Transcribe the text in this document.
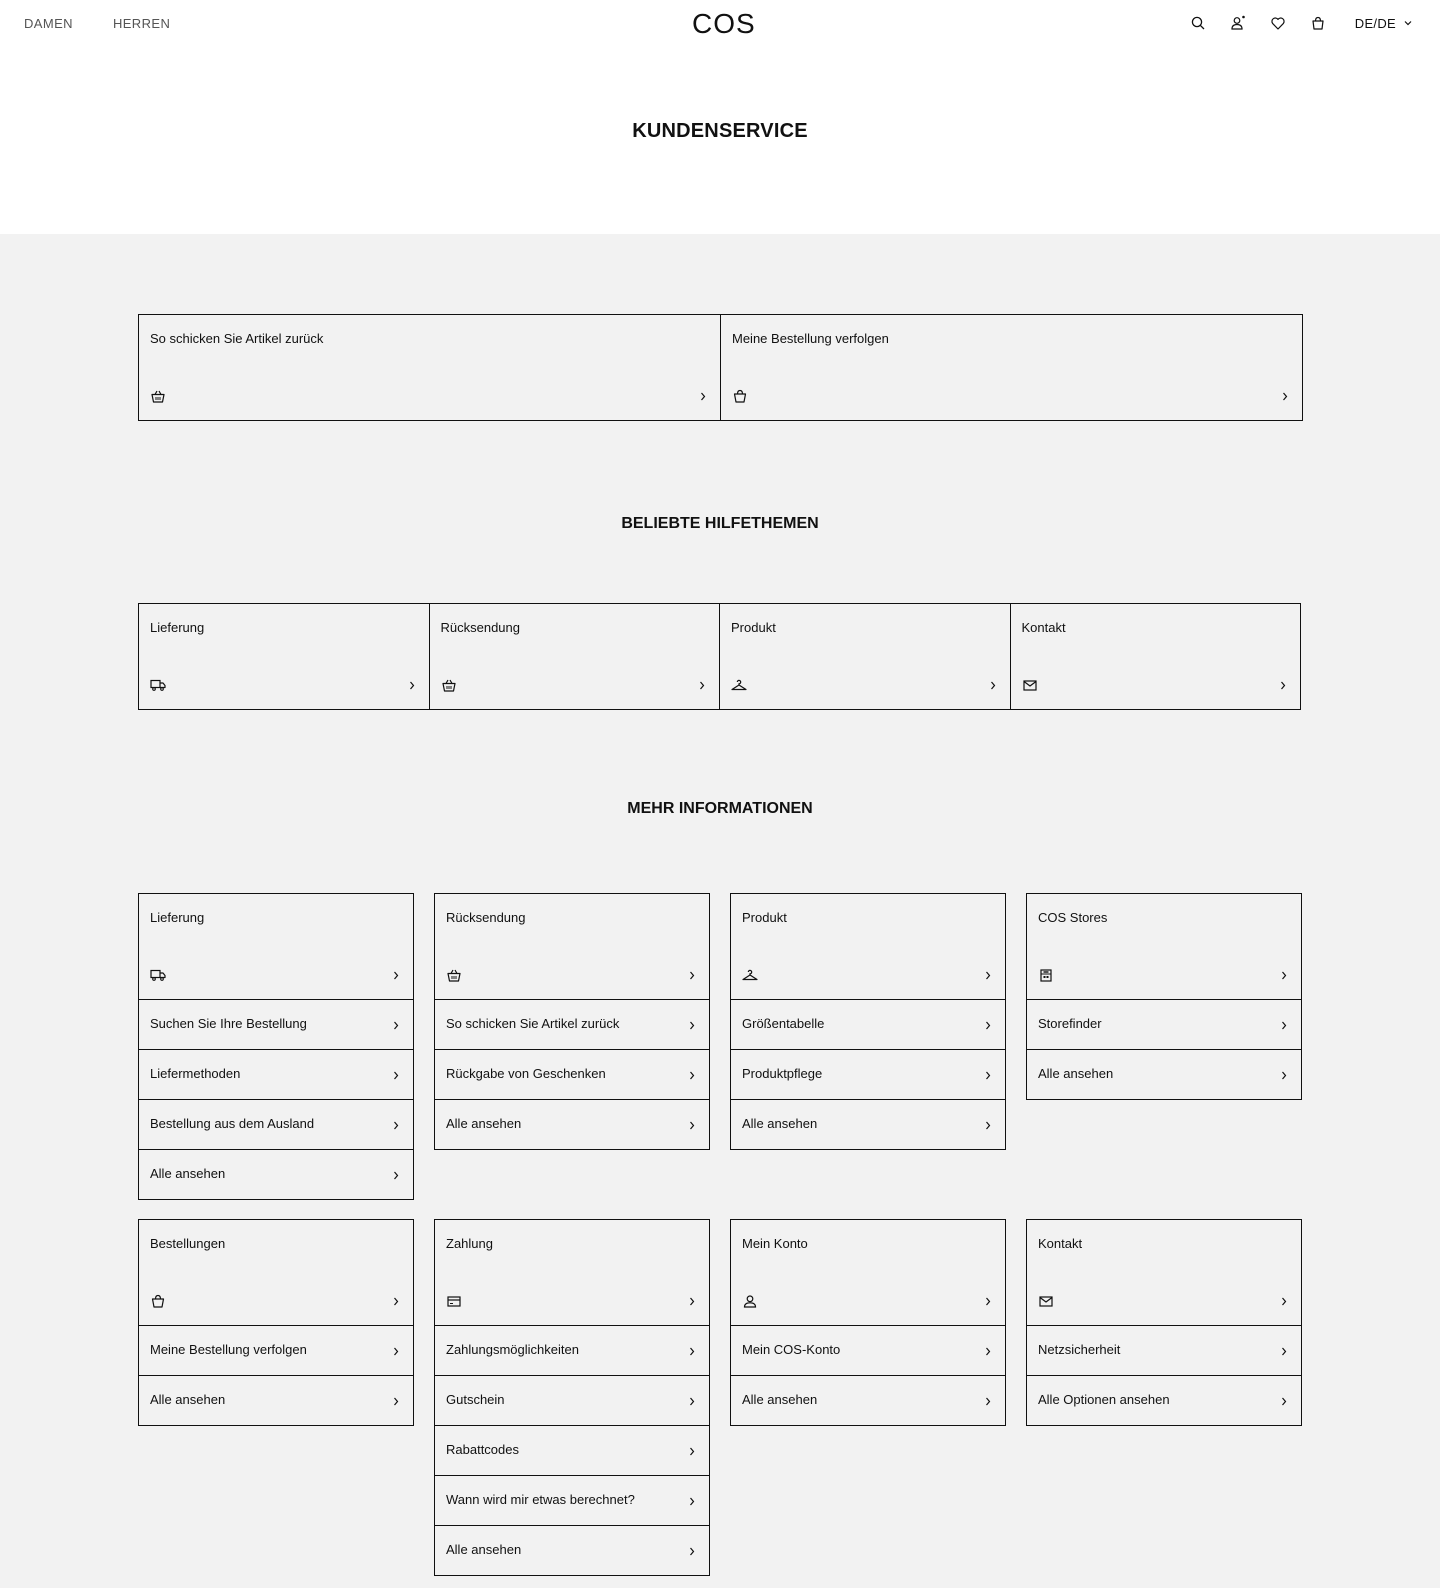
DAMEN	HERREN	COS	DE/DE
KUNDENSERVICE
So schicken Sie Artikel zurück	Meine Bestellung verfolgen
Lieferung	Rücksendung	Produkt	Kontakt
Lieferung
Suchen Sie Ihre Bestellung
Liefermethoden
Bestellung aus dem Ausland
Alle ansehen
Rücksendung
So schicken Sie Artikel zurück
Rückgabe von Geschenken
Alle ansehen
Produkt
Größentabelle
Produktpflege
Alle ansehen
COS Stores
Storefinder
Alle ansehen
Bestellungen
Meine Bestellung verfolgen
Alle ansehen
Zahlung
Zahlungsmöglichkeiten
Gutschein
Rabattcodes
Wann wird mir etwas berechnet?
Alle ansehen
Mein Konto
Mein COS-Konto
Alle ansehen
Kontakt
Netzsicherheit
Alle Optionen ansehen
BELIEBTE HILFETHEMEN
MEHR INFORMATIONEN
